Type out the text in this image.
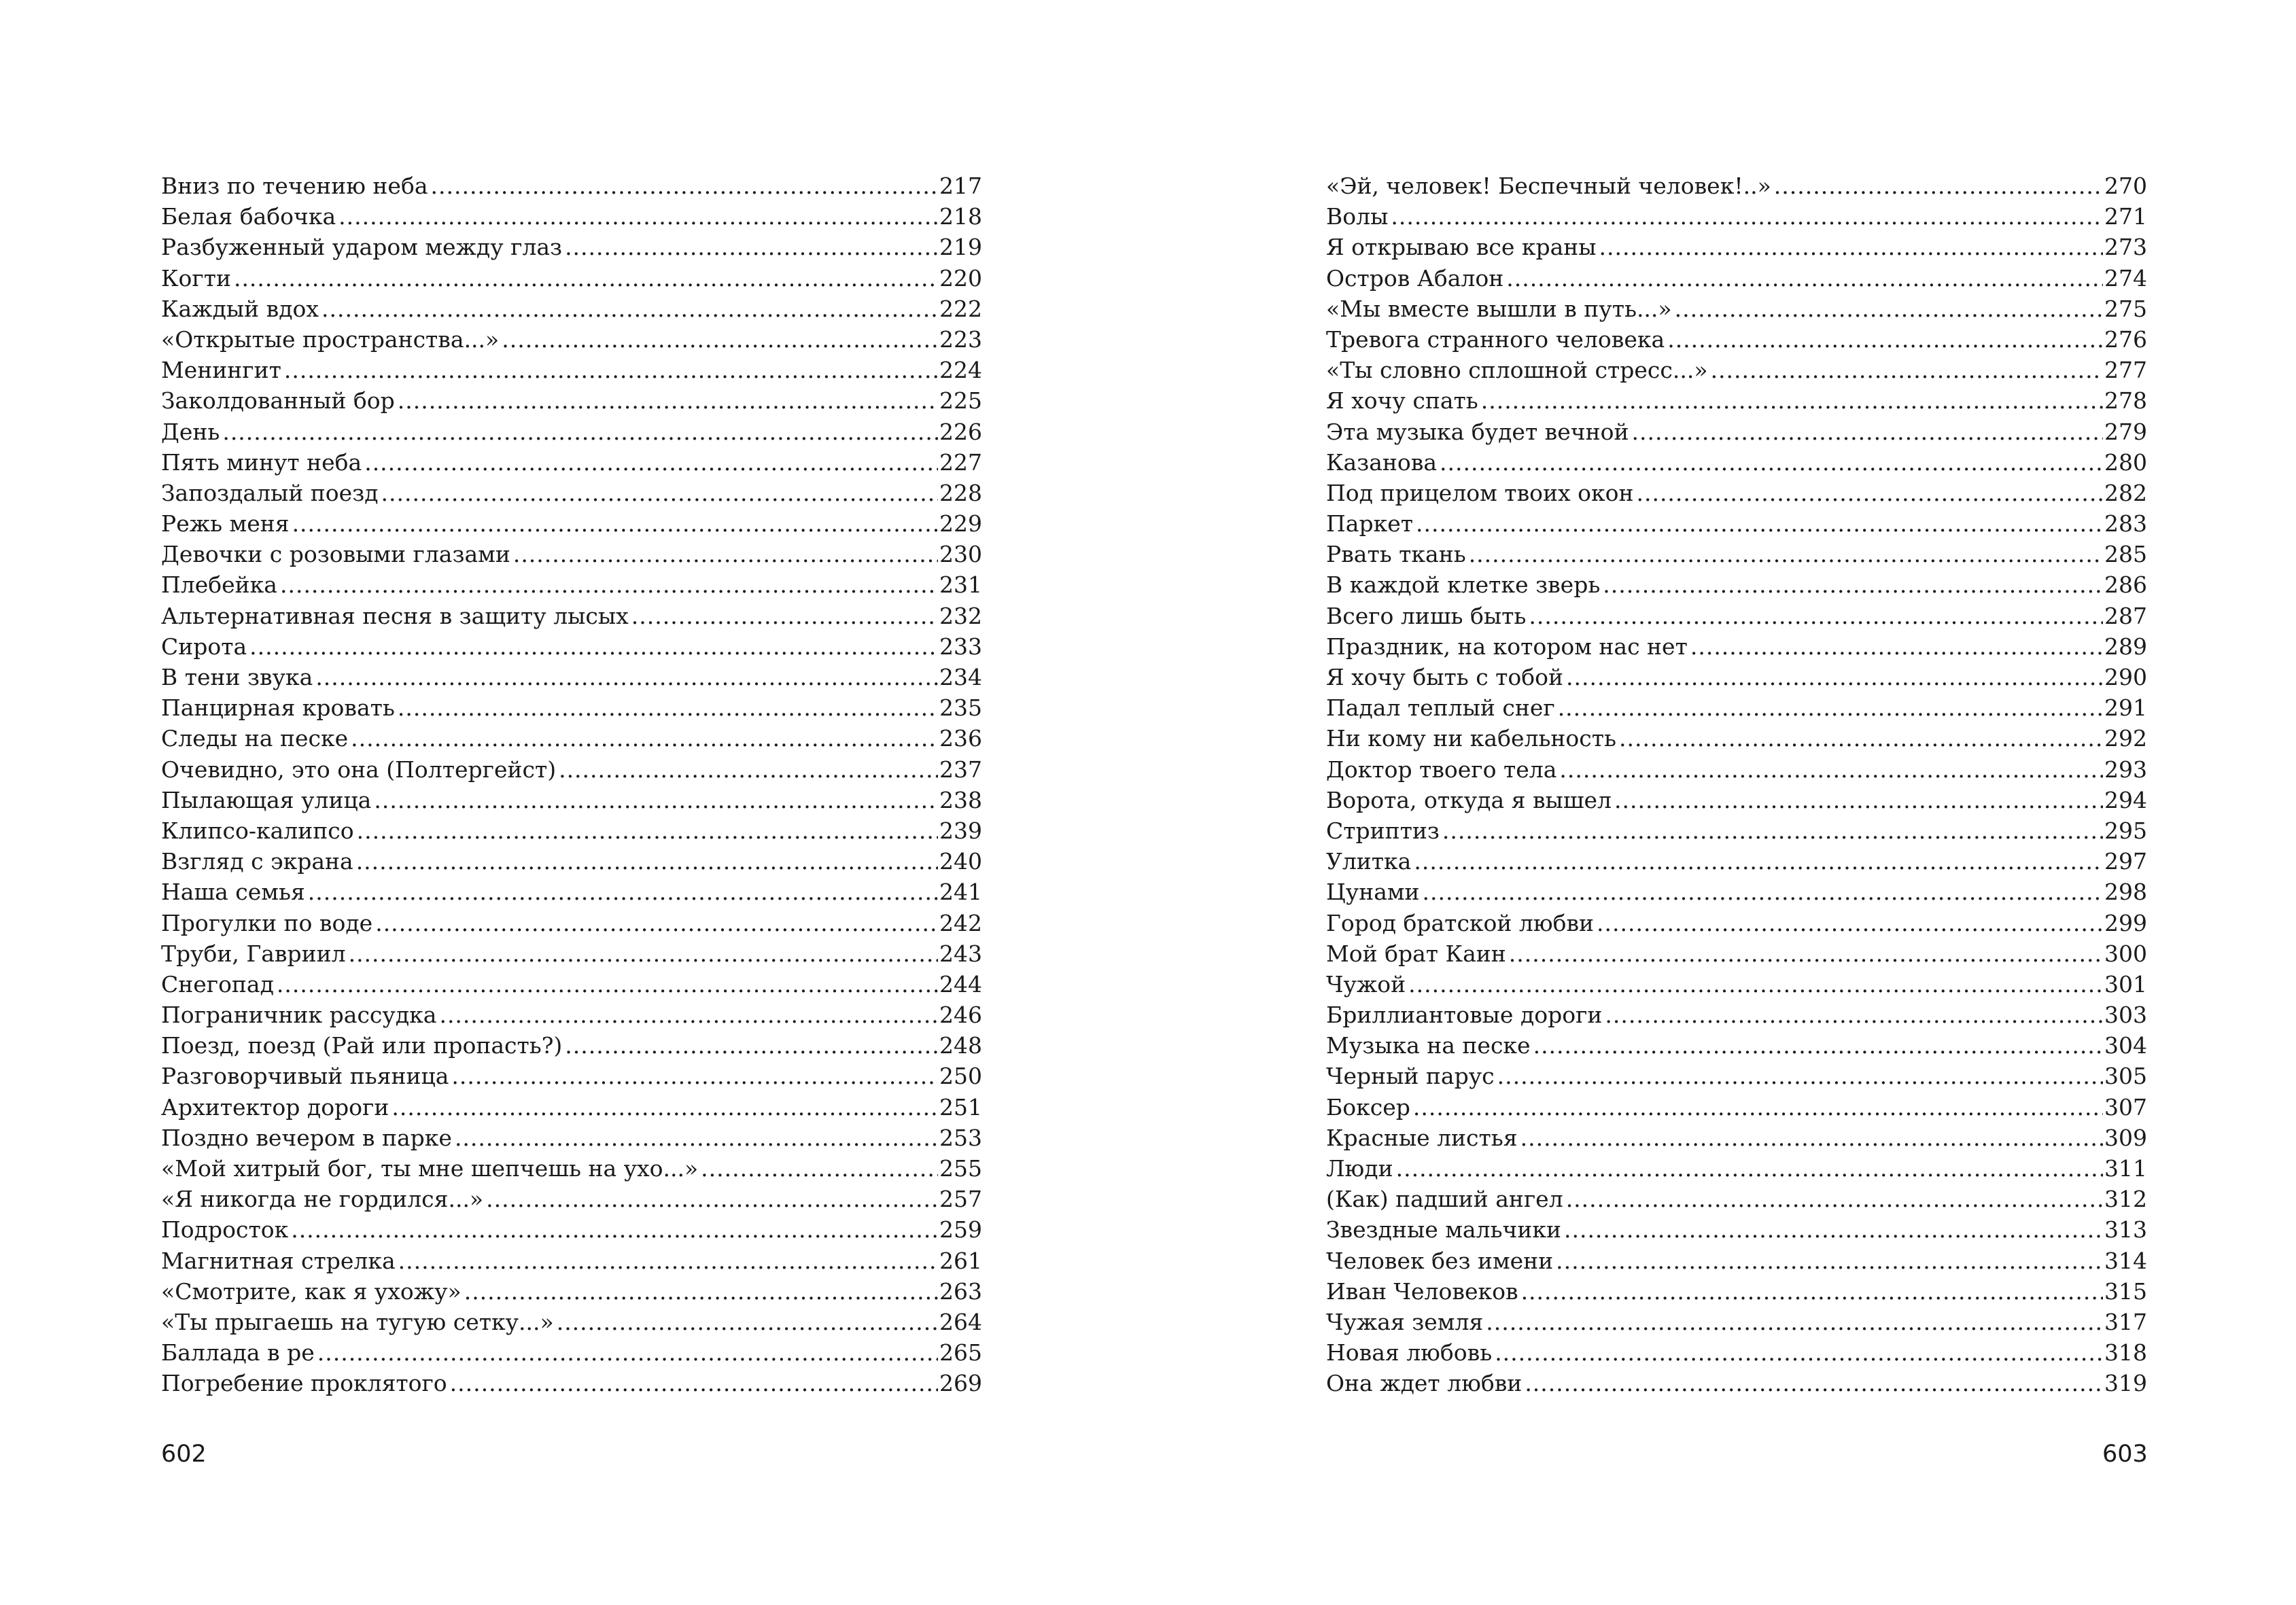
Вниз по течению неба .....	217
Белая бабочка .....	218
Разбуженный ударом между глаз .....	219
Когти .....	220
Каждый вдох .....	222
«Открытые пространства...» .....	223
Менингит .....	224
Заколдованный бор .....	225
День .....	226
Пять минут неба .....	227
Запоздалый поезд .....	228
Режь меня .....	229
Девочки с розовыми глазами .....	230
Плебейка .....	231
Альтернативная песня в защиту лысых .....	232
Сирота .....	233
В тени звука .....	234
Панцирная кровать .....	235
Следы на песке .....	236
Очевидно, это она (Полтергейст) .....	237
Пылающая улица .....	238
Клипсо-калипсо .....	239
Взгляд с экрана .....	240
Наша семья .....	241
Прогулки по воде .....	242
Труби, Гавриил .....	243
Снегопад .....	244
Пограничник рассудка .....	246
Поезд, поезд (Рай или пропасть?) .....	248
Разговорчивый пьяница .....	250
Архитектор дороги .....	251
Поздно вечером в парке .....	253
«Мой хитрый бог, ты мне шепчешь на ухо...» .....	255
«Я никогда не гордился...» .....	257
Подросток .....	259
Магнитная стрелка .....	261
«Смотрите, как я ухожу» .....	263
«Ты прыгаешь на тугую сетку...» .....	264
Баллада в ре .....	265
Погребение проклятого .....	269
602
«Эй, человек! Беспечный человек!..» .....	270
Волы .....	271
Я открываю все краны .....	273
Остров Абалон .....	274
«Мы вместе вышли в путь...» .....	275
Тревога странного человека .....	276
«Ты словно сплошной стресс...» .....	277
Я хочу спать .....	278
Эта музыка будет вечной .....	279
Казанова .....	280
Под прицелом твоих окон .....	282
Паркет .....	283
Рвать ткань .....	285
В каждой клетке зверь .....	286
Всего лишь быть .....	287
Праздник, на котором нас нет .....	289
Я хочу быть с тобой .....	290
Падал теплый снег .....	291
Ни кому ни кабельность .....	292
Доктор твоего тела .....	293
Ворота, откуда я вышел .....	294
Стриптиз .....	295
Улитка .....	297
Цунами .....	298
Город братской любви .....	299
Мой брат Каин .....	300
Чужой .....	301
Бриллиантовые дороги .....	303
Музыка на песке .....	304
Черный парус .....	305
Боксер .....	307
Красные листья .....	309
Люди .....	311
(Как) падший ангел .....	312
Звездные мальчики .....	313
Человек без имени .....	314
Иван Человеков .....	315
Чужая земля .....	317
Новая любовь .....	318
Она ждет любви .....	319
603
